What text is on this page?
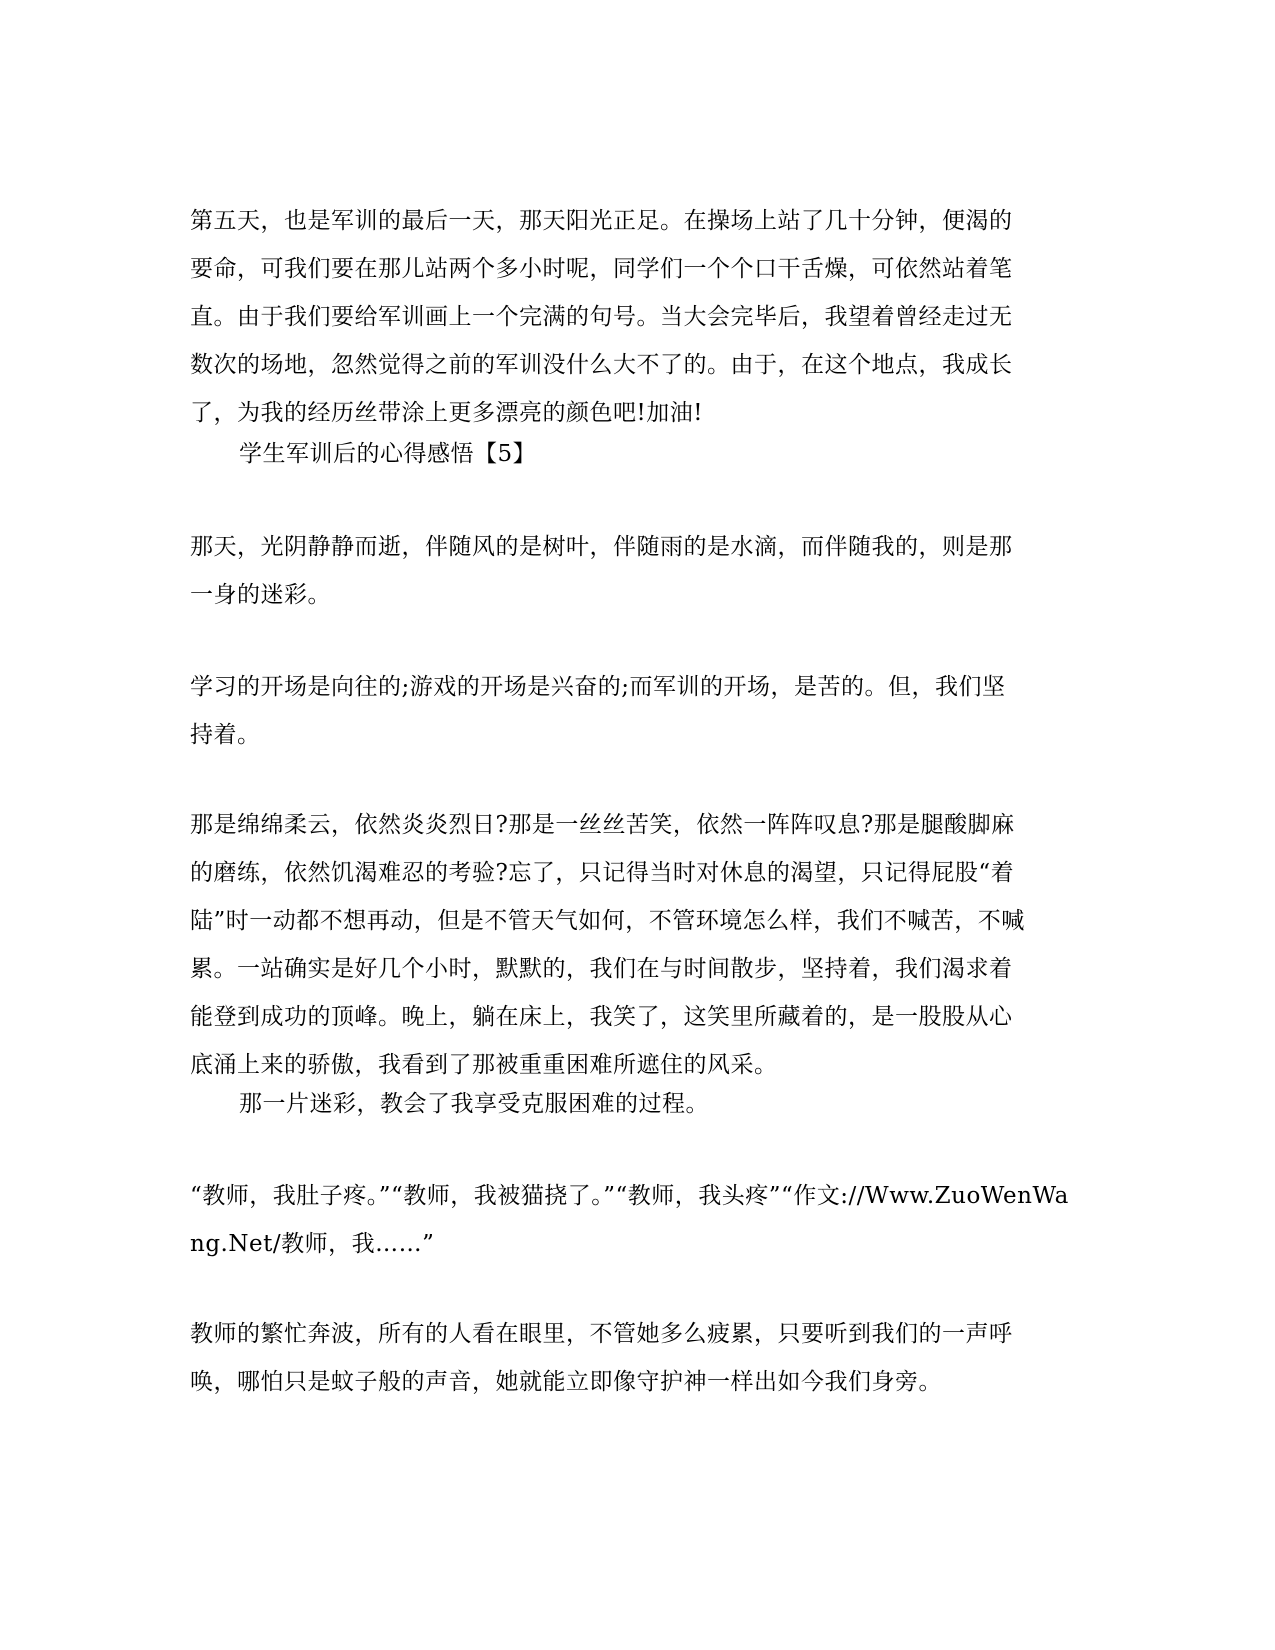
第五天，也是军训的最后一天，那天阳光正足。在操场上站了几十分钟，便渴的
要命，可我们要在那儿站两个多小时呢，同学们一个个口干舌燥，可依然站着笔
直。由于我们要给军训画上一个完满的句号。当大会完毕后，我望着曾经走过无
数次的场地，忽然觉得之前的军训没什么大不了的。由于，在这个地点，我成长
了，为我的经历丝带涂上更多漂亮的颜色吧!加油!
学生军训后的心得感悟【5】
那天，光阴静静而逝，伴随风的是树叶，伴随雨的是水滴，而伴随我的，则是那
一身的迷彩。
学习的开场是向往的;游戏的开场是兴奋的;而军训的开场，是苦的。但，我们坚
持着。
那是绵绵柔云，依然炎炎烈日?那是一丝丝苦笑，依然一阵阵叹息?那是腿酸脚麻
的磨练，依然饥渴难忍的考验?忘了，只记得当时对休息的渴望，只记得屁股“着
陆”时一动都不想再动，但是不管天气如何，不管环境怎么样，我们不喊苦，不喊
累。一站确实是好几个小时，默默的，我们在与时间散步，坚持着，我们渴求着
能登到成功的顶峰。晚上，躺在床上，我笑了，这笑里所藏着的，是一股股从心
底涌上来的骄傲，我看到了那被重重困难所遮住的风采。
那一片迷彩，教会了我享受克服困难的过程。
“教师，我肚子疼。”“教师，我被猫挠了。”“教师，我头疼”“作文://Www.ZuoWenWa
ng.Net/教师，我……”
教师的繁忙奔波，所有的人看在眼里，不管她多么疲累，只要听到我们的一声呼
唤，哪怕只是蚊子般的声音，她就能立即像守护神一样出如今我们身旁。
